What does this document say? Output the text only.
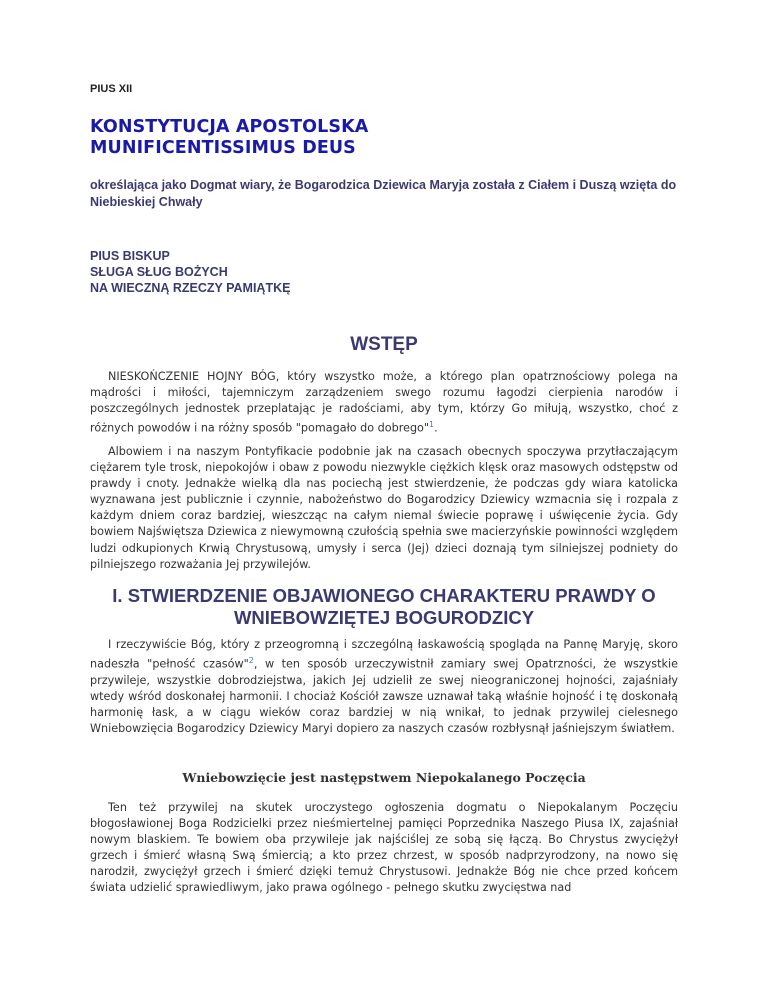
PIUS XII
KONSTYTUCJA APOSTOLSKA
MUNIFICENTISSIMUS DEUS
określająca jako Dogmat wiary, że Bogarodzica Dziewica Maryja została z Ciałem i Duszą wzięta do Niebieskiej Chwały
PIUS BISKUP
SŁUGA SŁUG BOŻYCH
NA WIECZNĄ RZECZY PAMIĄTKĘ
WSTĘP

NIESKOŃCZENIE HOJNY BÓG, który wszystko może, a którego plan opatrznościowy polega na mądrości i miłości, tajemniczym zarządzeniem swego rozumu łagodzi cierpienia narodów i poszczególnych jednostek przeplatając je radościami, aby tym, którzy Go miłują, wszystko, choć z różnych powodów i na różny sposób "pomagało do dobrego"$^1$.

Albowiem i na naszym Pontyfikacie podobnie jak na czasach obecnych spoczywa przytłaczającym ciężarem tyle trosk, niepokojów i obaw z powodu niezwykle ciężkich klęsk oraz masowych odstępstw od prawdy i cnoty. Jednakże wielką dla nas pociechą jest stwierdzenie, że podczas gdy wiara katolicka wyznawana jest publicznie i czynnie, nabożeństwo do Bogarodzicy Dziewicy wzmacnia się i rozpala z każdym dniem coraz bardziej, wieszcząc na całym niemal świecie poprawę i uświęcenie życia. Gdy bowiem Najświętsza Dziewica z niewymowną czułością spełnia swe macierzyńskie powinności względem ludzi odkupionych Krwią Chrystusową, umysły i serca (Jej) dzieci doznają tym silniejszej podniety do pilniejszego rozważania Jej przywilejów.

I. STWIERDZENIE OBJAWIONEGO CHARAKTERU PRAWDY O
WNIEBOWZIĘTEJ BOGURODZICY

I rzeczywiście Bóg, który z przeogromną i szczególną łaskawością spogląda na Pannę Maryję, skoro nadeszła "pełność czasów"$^2$, w ten sposób urzeczywistnił zamiary swej Opatrzności, że wszystkie przywileje, wszystkie dobrodziejstwa, jakich Jej udzielił ze swej nieograniczonej hojności, zajaśniały wtedy wśród doskonałej harmonii. I chociaż Kościół zawsze uznawał taką właśnie hojność i tę doskonałą harmonię łask, a w ciągu wieków coraz bardziej w nią wnikał, to jednak przywilej cielesnego Wniebowzięcia Bogarodzicy Dziewicy Maryi dopiero za naszych czasów rozbłysnął jaśniejszym światłem.

Wniebowzięcie jest następstwem Niepokalanego Poczęcia

Ten też przywilej na skutek uroczystego ogłoszenia dogmatu o Niepokalanym Poczęciu błogosławionej Boga Rodzicielki przez nieśmiertelnej pamięci Poprzednika Naszego Piusa IX, zajaśniał nowym blaskiem. Te bowiem oba przywileje jak najściślej ze sobą się łączą. Bo Chrystus zwyciężył grzech i śmierć własną Swą śmiercią; a kto przez chrzest, w sposób nadprzyrodzony, na nowo się narodził, zwyciężył grzech i śmierć dzięki temuż Chrystusowi. Jednakże Bóg nie chce przed końcem świata udzielić sprawiedliwym, jako prawa ogólnego - pełnego skutku zwycięstwa nad
